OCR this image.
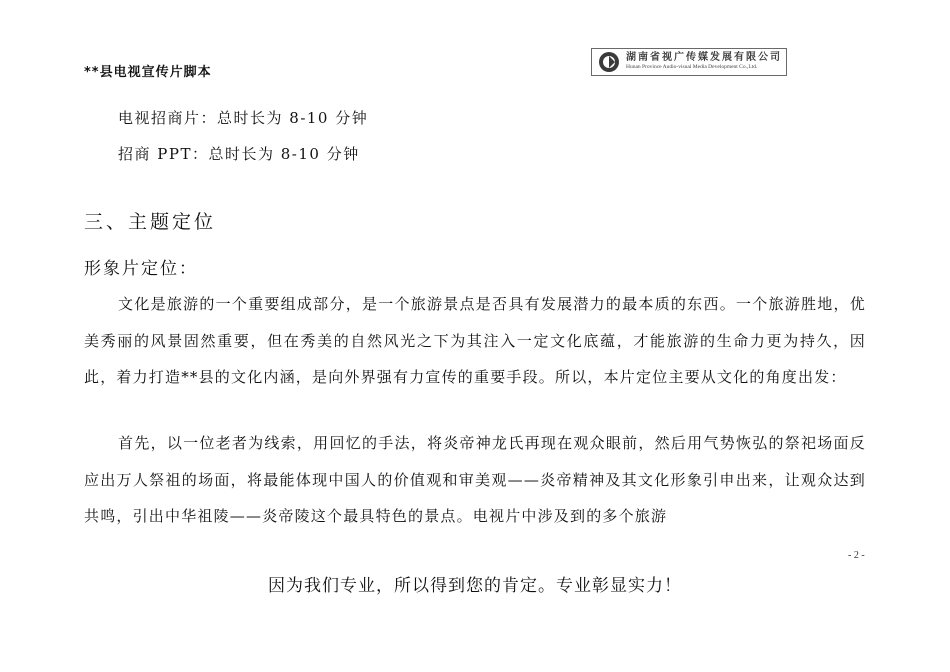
**县电视宣传片脚本
湖南省视广传媒发展有限公司
Hunan Province Audio-visual Media Development Co.,Ltd.
电视招商片：总时长为 8-10 分钟
招商 PPT：总时长为 8-10 分钟
三、主题定位
形象片定位：
文化是旅游的一个重要组成部分，是一个旅游景点是否具有发展潜力的最本质的东西。一个旅游胜地，优美秀丽的风景固然重要，但在秀美的自然风光之下为其注入一定文化底蕴，才能旅游的生命力更为持久，因此，着力打造**县的文化内涵，是向外界强有力宣传的重要手段。所以，本片定位主要从文化的角度出发：
首先，以一位老者为线索，用回忆的手法，将炎帝神龙氏再现在观众眼前，然后用气势恢弘的祭祀场面反应出万人祭祖的场面，将最能体现中国人的价值观和审美观——炎帝精神及其文化形象引申出来，让观众达到共鸣，引出中华祖陵——炎帝陵这个最具特色的景点。电视片中涉及到的多个旅游
- 2 -
因为我们专业，所以得到您的肯定。专业彰显实力！
